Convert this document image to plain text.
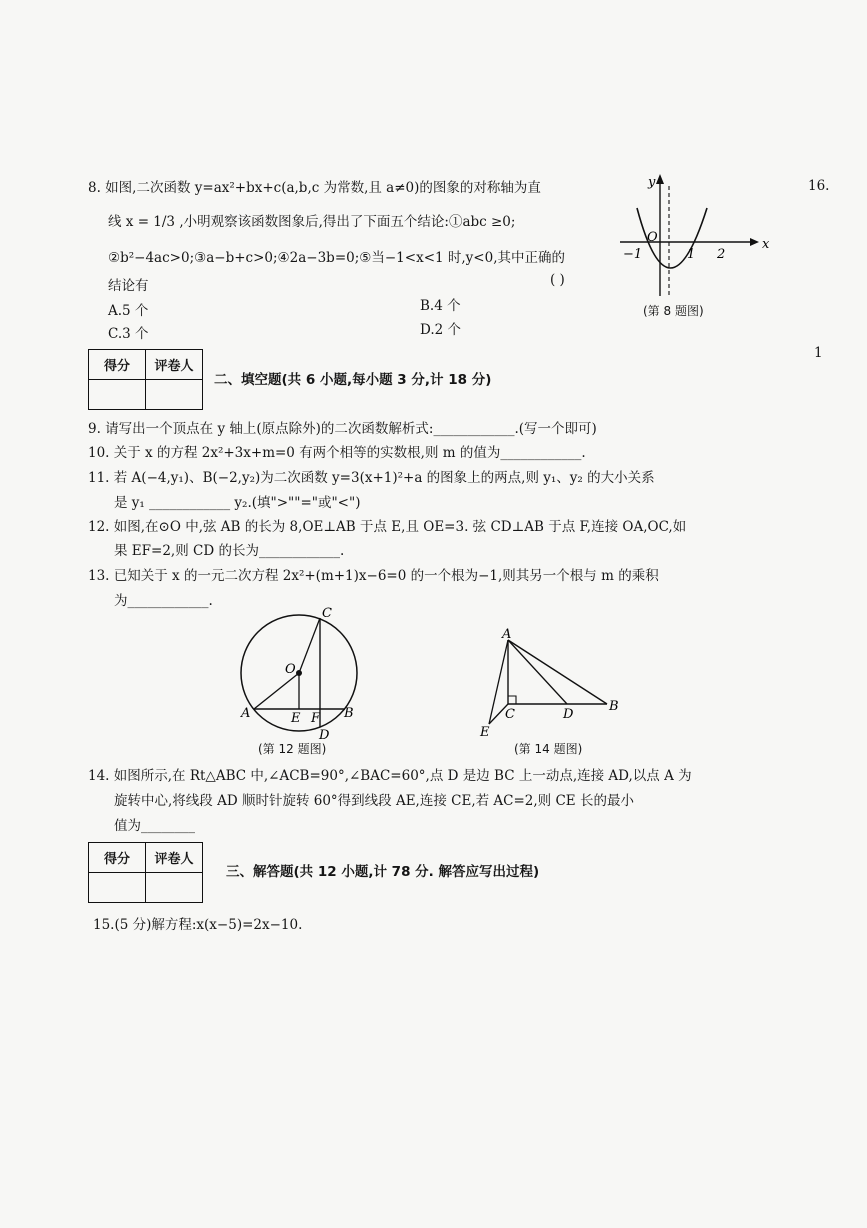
8. 如图,二次函数 y=ax²+bx+c(a,b,c 为常数,且 a≠0)的图象的对称轴为直
线 x = 1/3 ,小明观察该函数图象后,得出了下面五个结论:①abc ≥0;
②b²−4ac>0;③a−b+c>0;④2a−3b=0;⑤当−1<x<1 时,y<0,其中正确的
结论有	( )
A.5 个	B.4 个
C.3 个	D.2 个
y
x
O
−1	1 2
(第 8 题图)
16.
1
得分	评卷人

二、填空题(共 6 小题,每小题 3 分,计 18 分)
9. 请写出一个顶点在 y 轴上(原点除外)的二次函数解析式:____________.(写一个即可)
10. 关于 x 的方程 2x²+3x+m=0 有两个相等的实数根,则 m 的值为____________.
11. 若 A(−4,y₁)、B(−2,y₂)为二次函数 y=3(x+1)²+a 的图象上的两点,则 y₁、y₂ 的大小关系
是 y₁ ____________ y₂.(填">""="或"<")
12. 如图,在⊙O 中,弦 AB 的长为 8,OE⊥AB 于点 E,且 OE=3. 弦 CD⊥AB 于点 F,连接 OA,OC,如
果 EF=2,则 CD 的长为____________.
13. 已知关于 x 的一元二次方程 2x²+(m+1)x−6=0 的一个根为−1,则其另一个根与 m 的乘积
为____________.
C
O
A	E F B
D
(第 12 题图)
A
C	D
B
E
(第 14 题图)
14. 如图所示,在 Rt△ABC 中,∠ACB=90°,∠BAC=60°,点 D 是边 BC 上一动点,连接 AD,以点 A 为
旋转中心,将线段 AD 顺时针旋转 60°得到线段 AE,连接 CE,若 AC=2,则 CE 长的最小
值为________
得分	评卷人

三、解答题(共 12 小题,计 78 分. 解答应写出过程)
15.(5 分)解方程:x(x−5)=2x−10.
